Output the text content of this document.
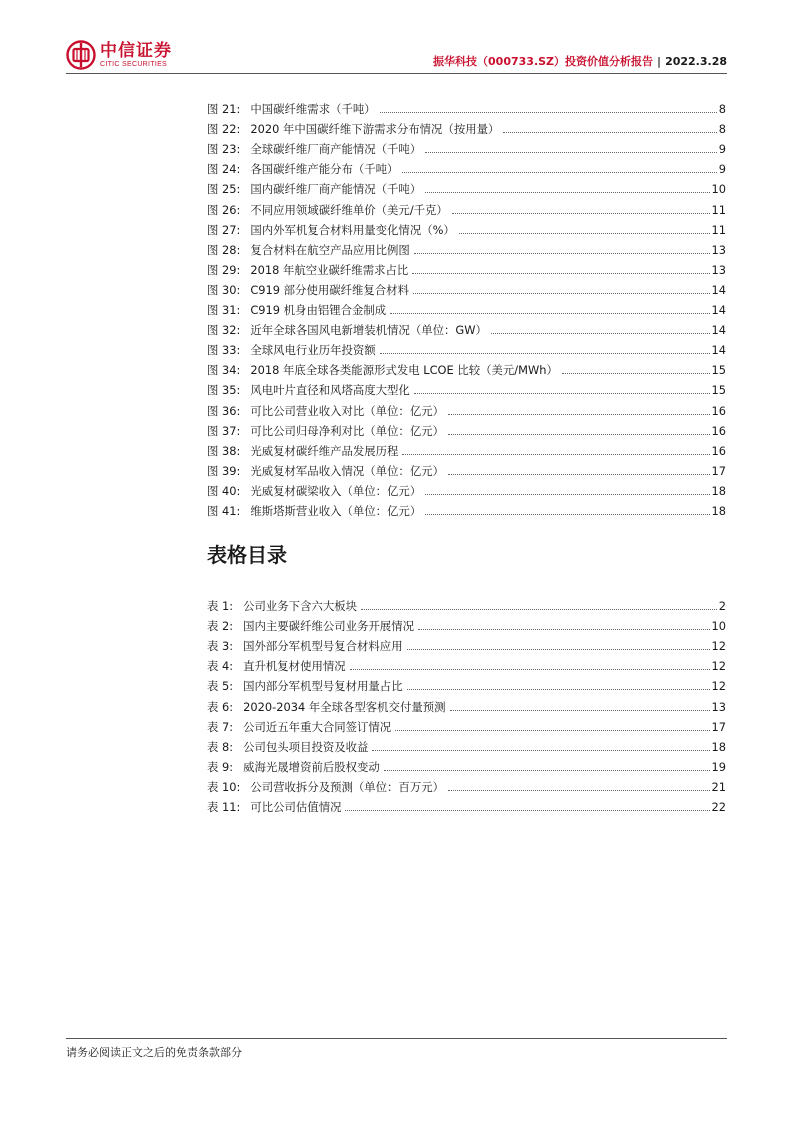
中信证券
CITIC SECURITIES	振华科技（000733.SZ）投资价值分析报告 | 2022.3.28
图 21: 中国碳纤维需求（千吨）	8
图 22: 2020 年中国碳纤维下游需求分布情况（按用量）	8
图 23: 全球碳纤维厂商产能情况（千吨）	9
图 24: 各国碳纤维产能分布（千吨）	9
图 25: 国内碳纤维厂商产能情况（千吨）	10
图 26: 不同应用领域碳纤维单价（美元/千克）	11
图 27: 国内外军机复合材料用量变化情况（%）	11
图 28: 复合材料在航空产品应用比例图	13
图 29: 2018 年航空业碳纤维需求占比	13
图 30: C919 部分使用碳纤维复合材料	14
图 31: C919 机身由铝锂合金制成	14
图 32: 近年全球各国风电新增装机情况（单位：GW）	14
图 33: 全球风电行业历年投资额	14
图 34: 2018 年底全球各类能源形式发电 LCOE 比较（美元/MWh）	15
图 35: 风电叶片直径和风塔高度大型化	15
图 36: 可比公司营业收入对比（单位：亿元）	16
图 37: 可比公司归母净利对比（单位：亿元）	16
图 38: 光威复材碳纤维产品发展历程	16
图 39: 光威复材军品收入情况（单位：亿元）	17
图 40: 光威复材碳梁收入（单位：亿元）	18
图 41: 维斯塔斯营业收入（单位：亿元）	18
表格目录
表 1: 公司业务下含六大板块	2
表 2: 国内主要碳纤维公司业务开展情况	10
表 3: 国外部分军机型号复合材料应用	12
表 4: 直升机复材使用情况	12
表 5: 国内部分军机型号复材用量占比	12
表 6: 2020-2034 年全球各型客机交付量预测	13
表 7: 公司近五年重大合同签订情况	17
表 8: 公司包头项目投资及收益	18
表 9: 威海光晟增资前后股权变动	19
表 10: 公司营收拆分及预测（单位：百万元）	21
表 11: 可比公司估值情况	22
请务必阅读正文之后的免责条款部分
